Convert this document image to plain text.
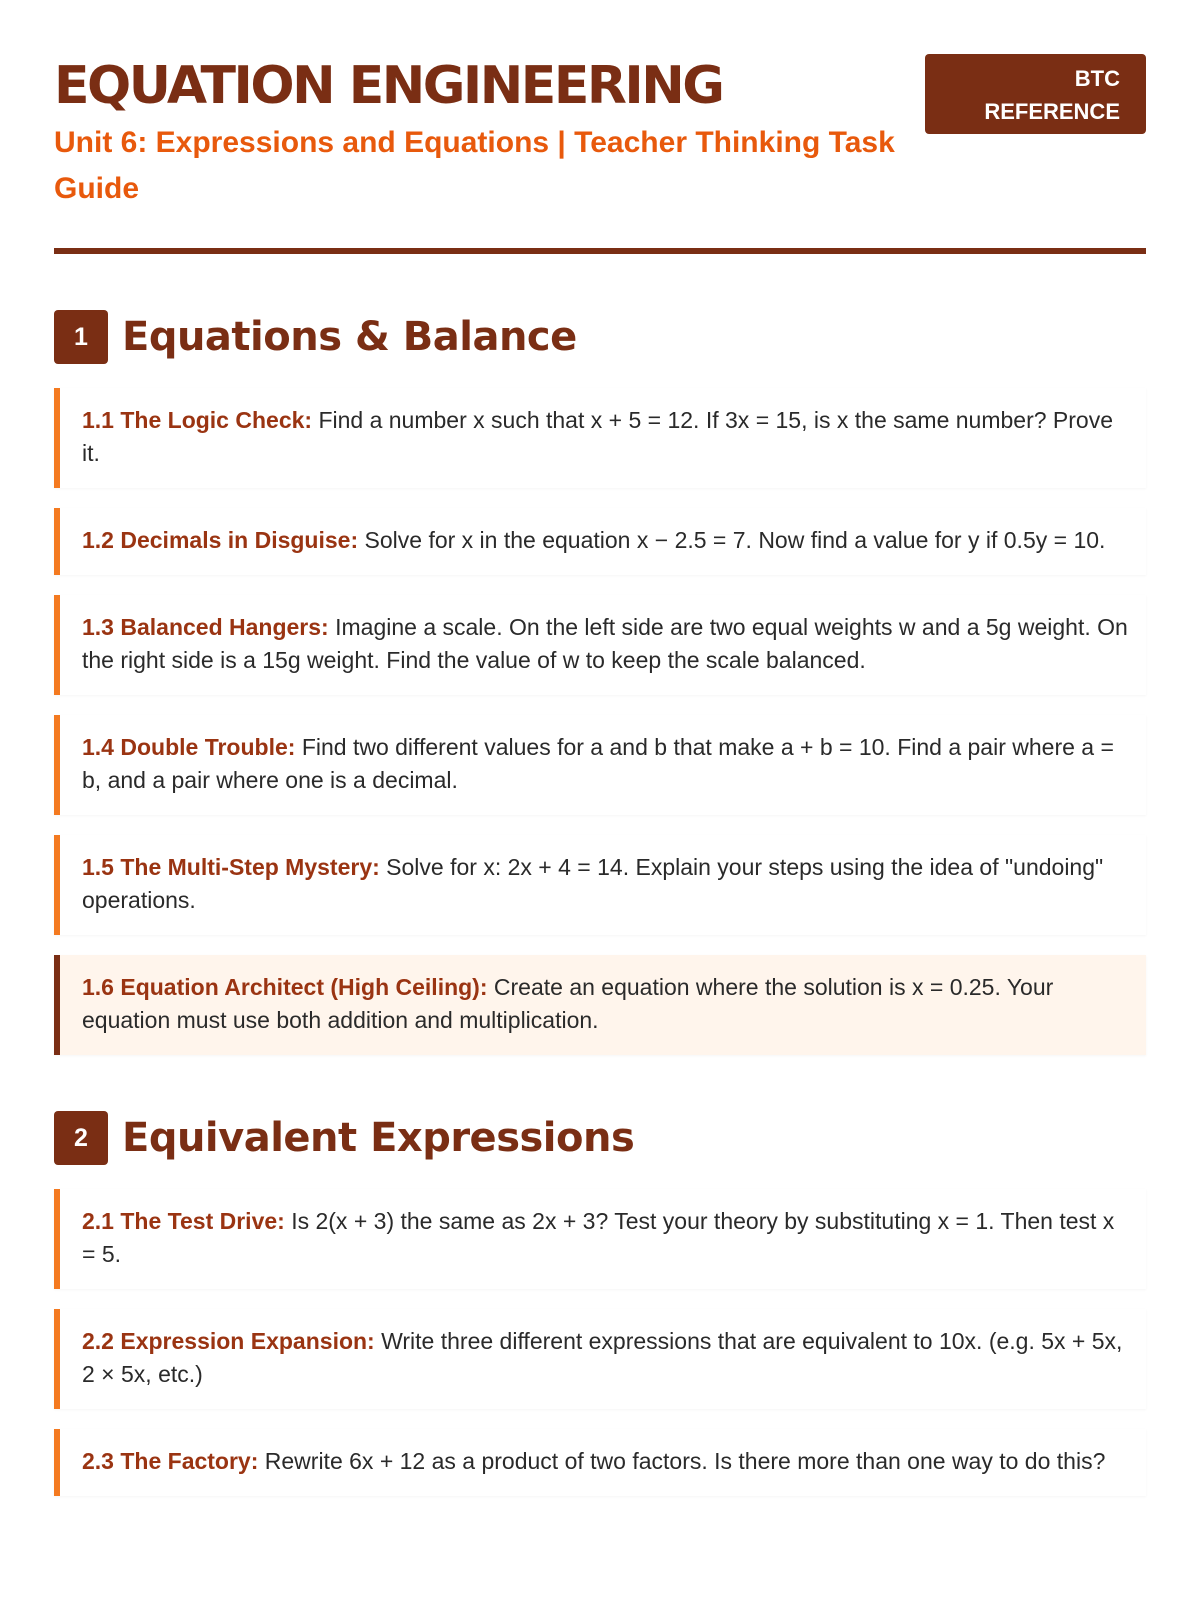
EQUATION ENGINEERING
Unit 6: Expressions and Equations | Teacher Thinking Task Guide
BTC
REFERENCE
1 Equations & Balance
1.1 The Logic Check: Find a number x such that x + 5 = 12. If 3x = 15, is x the same number? Prove it.
1.2 Decimals in Disguise: Solve for x in the equation x − 2.5 = 7. Now find a value for y if 0.5y = 10.
1.3 Balanced Hangers: Imagine a scale. On the left side are two equal weights w and a 5g weight. On the right side is a 15g weight. Find the value of w to keep the scale balanced.
1.4 Double Trouble: Find two different values for a and b that make a + b = 10. Find a pair where a = b, and a pair where one is a decimal.
1.5 The Multi-Step Mystery: Solve for x: 2x + 4 = 14. Explain your steps using the idea of "undoing" operations.
1.6 Equation Architect (High Ceiling): Create an equation where the solution is x = 0.25. Your equation must use both addition and multiplication.
2 Equivalent Expressions
2.1 The Test Drive: Is 2(x + 3) the same as 2x + 3? Test your theory by substituting x = 1. Then test x = 5.
2.2 Expression Expansion: Write three different expressions that are equivalent to 10x. (e.g. 5x + 5x, 2 × 5x, etc.)
2.3 The Factory: Rewrite 6x + 12 as a product of two factors. Is there more than one way to do this?
